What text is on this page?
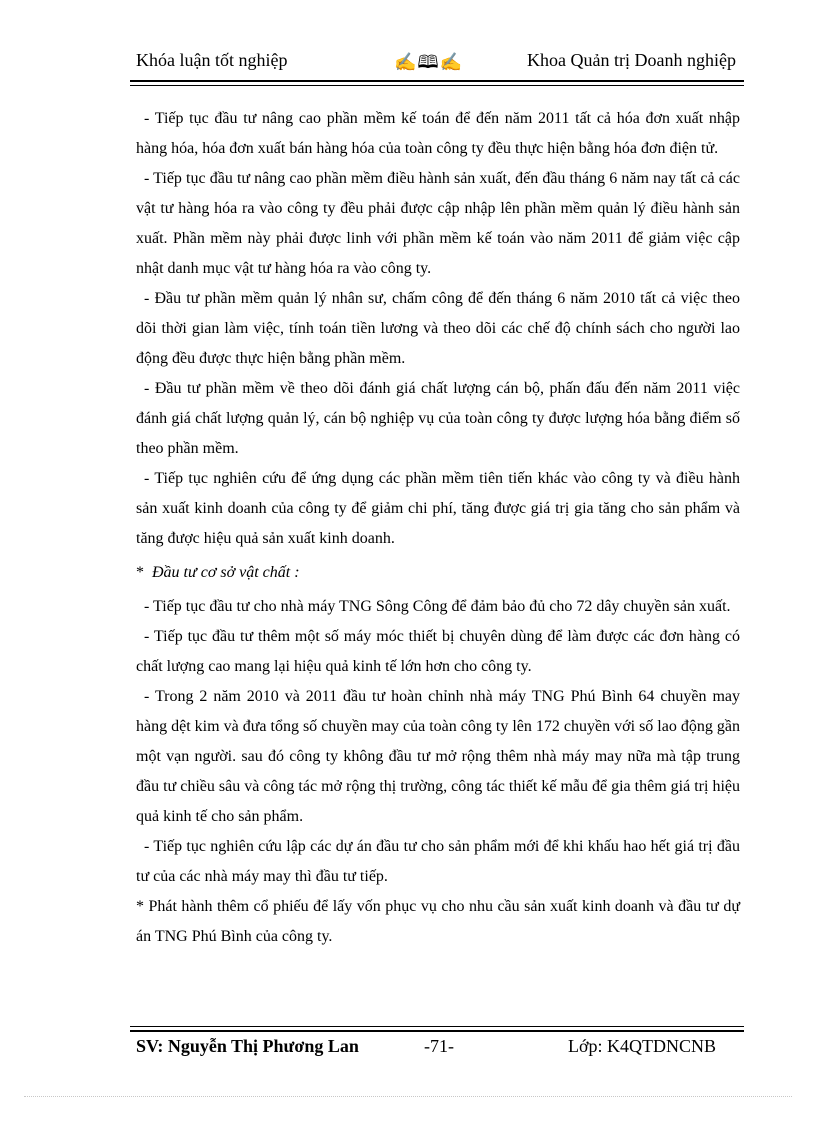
Khóa luận tốt nghiệp	✍🕮✍	Khoa Quản trị Doanh nghiệp

- Tiếp tục đầu tư nâng cao phần mềm kế toán để đến năm 2011 tất cả hóa đơn xuất nhập hàng hóa, hóa đơn xuất bán hàng hóa của toàn công ty đều thực hiện bằng hóa đơn điện tử.

- Tiếp tục đầu tư nâng cao phần mềm điều hành sản xuất, đến đầu tháng 6 năm nay tất cả các vật tư hàng hóa ra vào công ty đều phải được cập nhập lên phần mềm quản lý điều hành sản xuất. Phần mềm này phải được linh với phần mềm kế toán vào năm 2011 để giảm việc cập nhật danh mục vật tư hàng hóa ra vào công ty.

- Đầu tư phần mềm quản lý nhân sư, chấm công để đến tháng 6 năm 2010 tất cả việc theo dõi thời gian làm việc, tính toán tiền lương và theo dõi các chế độ chính sách cho người lao động đều được thực hiện bằng phần mềm.

- Đầu tư phần mềm về theo dõi đánh giá chất lượng cán bộ, phấn đấu đến năm 2011 việc đánh giá chất lượng quản lý, cán bộ nghiệp vụ của toàn công ty được lượng hóa bằng điểm số theo phần mềm.

- Tiếp tục nghiên cứu để ứng dụng các phần mềm tiên tiến khác vào công ty và điều hành sản xuất kinh doanh của công ty để giảm chi phí, tăng được giá trị gia tăng cho sản phẩm và tăng được hiệu quả sản xuất kinh doanh.

* Đầu tư cơ sở vật chất :

- Tiếp tục đầu tư cho nhà máy TNG Sông Công để đảm bảo đủ cho 72 dây chuyền sản xuất.

- Tiếp tục đầu tư thêm một số máy móc thiết bị chuyên dùng để làm được các đơn hàng có chất lượng cao mang lại hiệu quả kinh tế lớn hơn cho công ty.

- Trong 2 năm 2010 và 2011 đầu tư hoàn chỉnh nhà máy TNG Phú Bình 64 chuyền may hàng dệt kim và đưa tổng số chuyền may của toàn công ty lên 172 chuyền với số lao động gần một vạn người. sau đó công ty không đầu tư mở rộng thêm nhà máy may nữa mà tập trung đầu tư chiều sâu và công tác mở rộng thị trường, công tác thiết kế mẫu để gia thêm giá trị hiệu quả kinh tế cho sản phẩm.

- Tiếp tục nghiên cứu lập các dự án đầu tư cho sản phẩm mới để khi khấu hao hết giá trị đầu tư của các nhà máy may thì đầu tư tiếp.

* Phát hành thêm cổ phiếu để lấy vốn phục vụ cho nhu cầu sản xuất kinh doanh và đầu tư dự án TNG Phú Bình của công ty.

SV: Nguyễn Thị Phương Lan	-71-	Lớp: K4QTDNCNB
